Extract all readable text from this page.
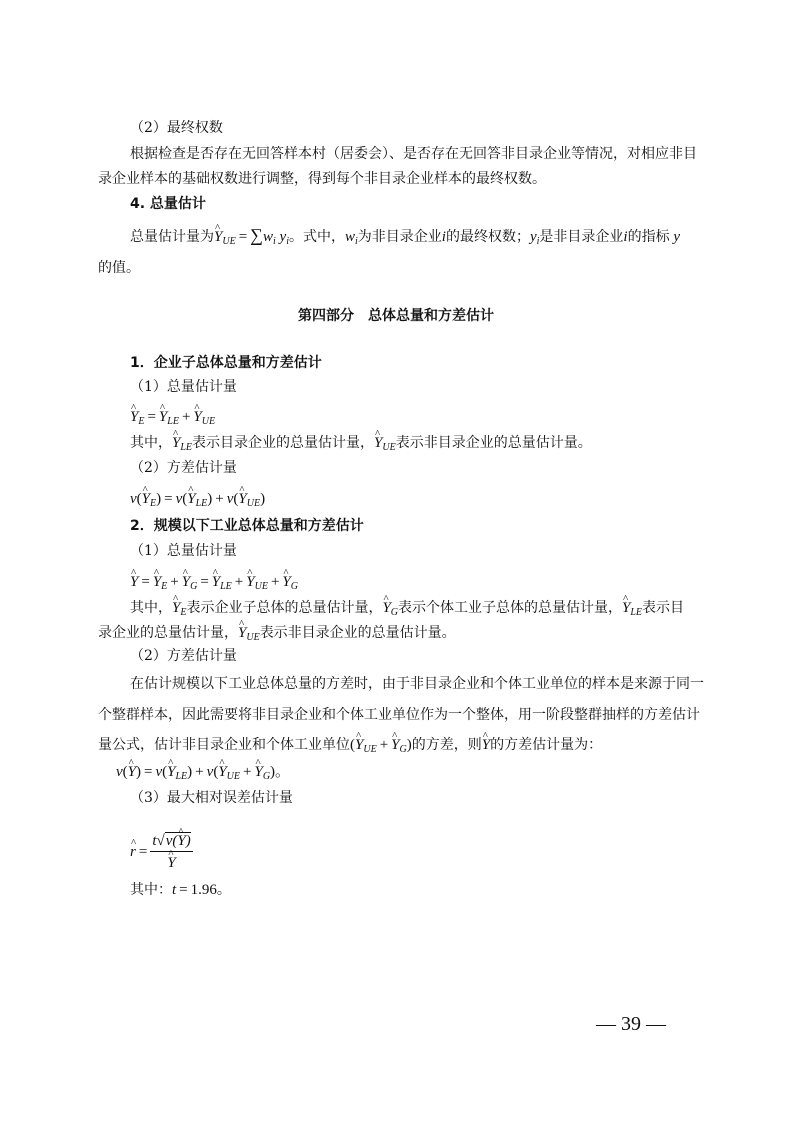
（2）最终权数
根据检查是否存在无回答样本村（居委会）、是否存在无回答非目录企业等情况，对相应非目
录企业样本的基础权数进行调整，得到每个非目录企业样本的最终权数。
4. 总量估计
总量估计量为^ $Y_{UE} = \sum w_i$ $y_i$。式中，$w_i$为非目录企业i的最终权数；$y_i$是非目录企业i的指标 y
的值。
第四部分　总体总量和方差估计
1．企业子总体总量和方差估计
（1）总量估计量
^ $Y_E$ = ^ $Y_{LE}$ + ^ $Y_{UE}$
其中，^ $Y_{LE}$表示目录企业的总量估计量，^ $Y_{UE}$表示非目录企业的总量估计量。
（2）方差估计量
v(^ $Y_E$) = v(^ $Y_{LE}$) + v(^ $Y_{UE}$)
2．规模以下工业总体总量和方差估计
（1）总量估计量
^ Y = ^ $Y_E$ + ^ $Y_G$ = ^ $Y_{LE}$ + ^ $Y_{UE}$ + ^ $Y_G$
其中，^ $Y_E$表示企业子总体的总量估计量，^ $Y_G$表示个体工业子总体的总量估计量，^ $Y_{LE}$表示目
录企业的总量估计量，^ $Y_{UE}$表示非目录企业的总量估计量。
（2）方差估计量
在估计规模以下工业总体总量的方差时，由于非目录企业和个体工业单位的样本是来源于同一
个整群样本，因此需要将非目录企业和个体工业单位作为一个整体，用一阶段整群抽样的方差估计
量公式，估计非目录企业和个体工业单位(^ $Y_{UE}$ + ^ $Y_G$)的方差，则^ Y的方差估计量为：
v(^ Y) = v(^ $Y_{LE}$) + v(^ $Y_{UE}$ + ^ $Y_G$)。
（3）最大相对误差估计量
^ r = t√v(^ Y)
^ Y
其中：t = 1.96。
— 39 —
